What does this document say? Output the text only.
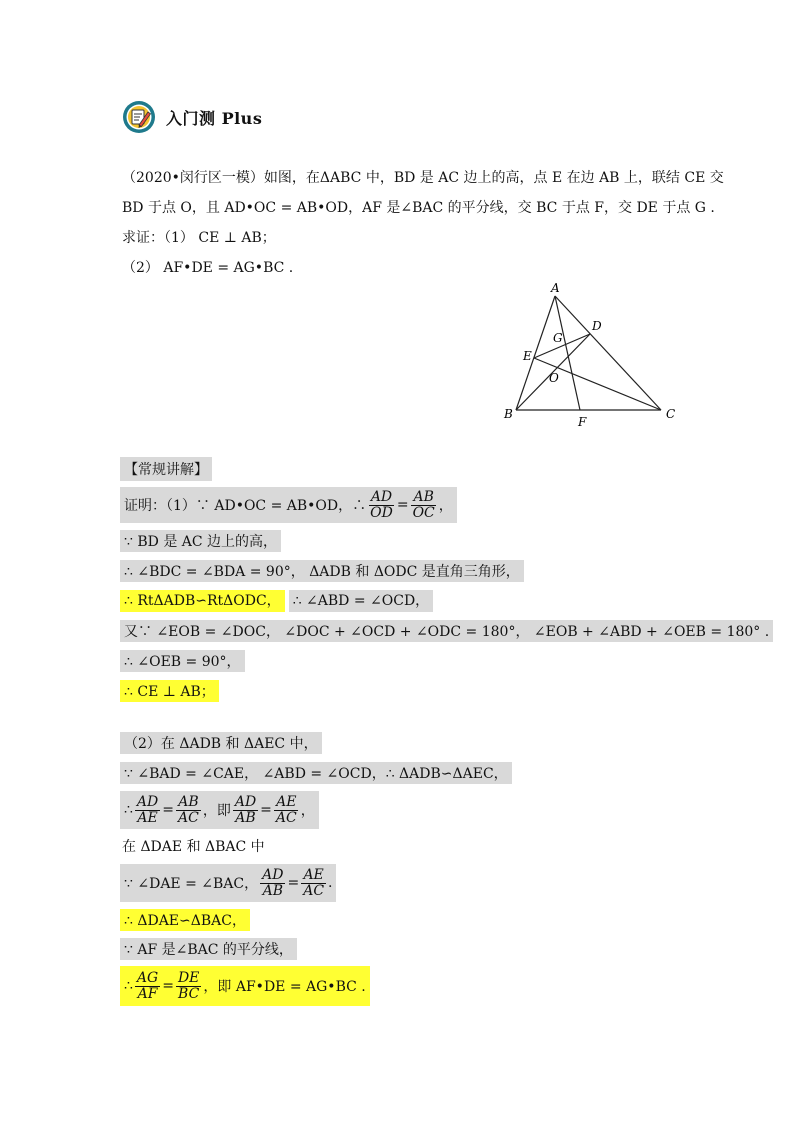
入门测 Plus
（2020•闵行区一模）如图，在ΔABC 中，BD 是 AC 边上的高，点 E 在边 AB 上，联结 CE 交
BD 于点 O，且 AD•OC = AB•OD，AF 是∠BAC 的平分线，交 BC 于点 F，交 DE 于点 G .
求证：（1） CE ⊥ AB；
（2） AF•DE = AG•BC .
A
B	C
D
E
F
G
O
【常规讲解】
证明：（1）∵ AD•OC = AB•OD，∴ $\frac{AD}{OD} = \frac{AB}{OC}$ ，
∵ BD 是 AC 边上的高，
∴ ∠BDC = ∠BDA = 90°， ΔADB 和 ΔODC 是直角三角形，
∴ RtΔADB∽RtΔODC， ∴ ∠ABD = ∠OCD，
又∵ ∠EOB = ∠DOC， ∠DOC + ∠OCD + ∠ODC = 180°， ∠EOB + ∠ABD + ∠OEB = 180° .
∴ ∠OEB = 90°，
∴ CE ⊥ AB；
（2）在 ΔADB 和 ΔAEC 中，
∵ ∠BAD = ∠CAE， ∠ABD = ∠OCD，∴ ΔADB∽ΔAEC，
∴ $\frac{AD}{AE} = \frac{AB}{AC}$ ，即 $\frac{AD}{AB} = \frac{AE}{AC}$ ，
在 ΔDAE 和 ΔBAC 中
∵ ∠DAE = ∠BAC， $\frac{AD}{AB} = \frac{AE}{AC}$ .
∴ ΔDAE∽ΔBAC，
∵ AF 是∠BAC 的平分线，
∴ $\frac{AG}{AF} = \frac{DE}{BC}$ ，即 AF•DE = AG•BC .
